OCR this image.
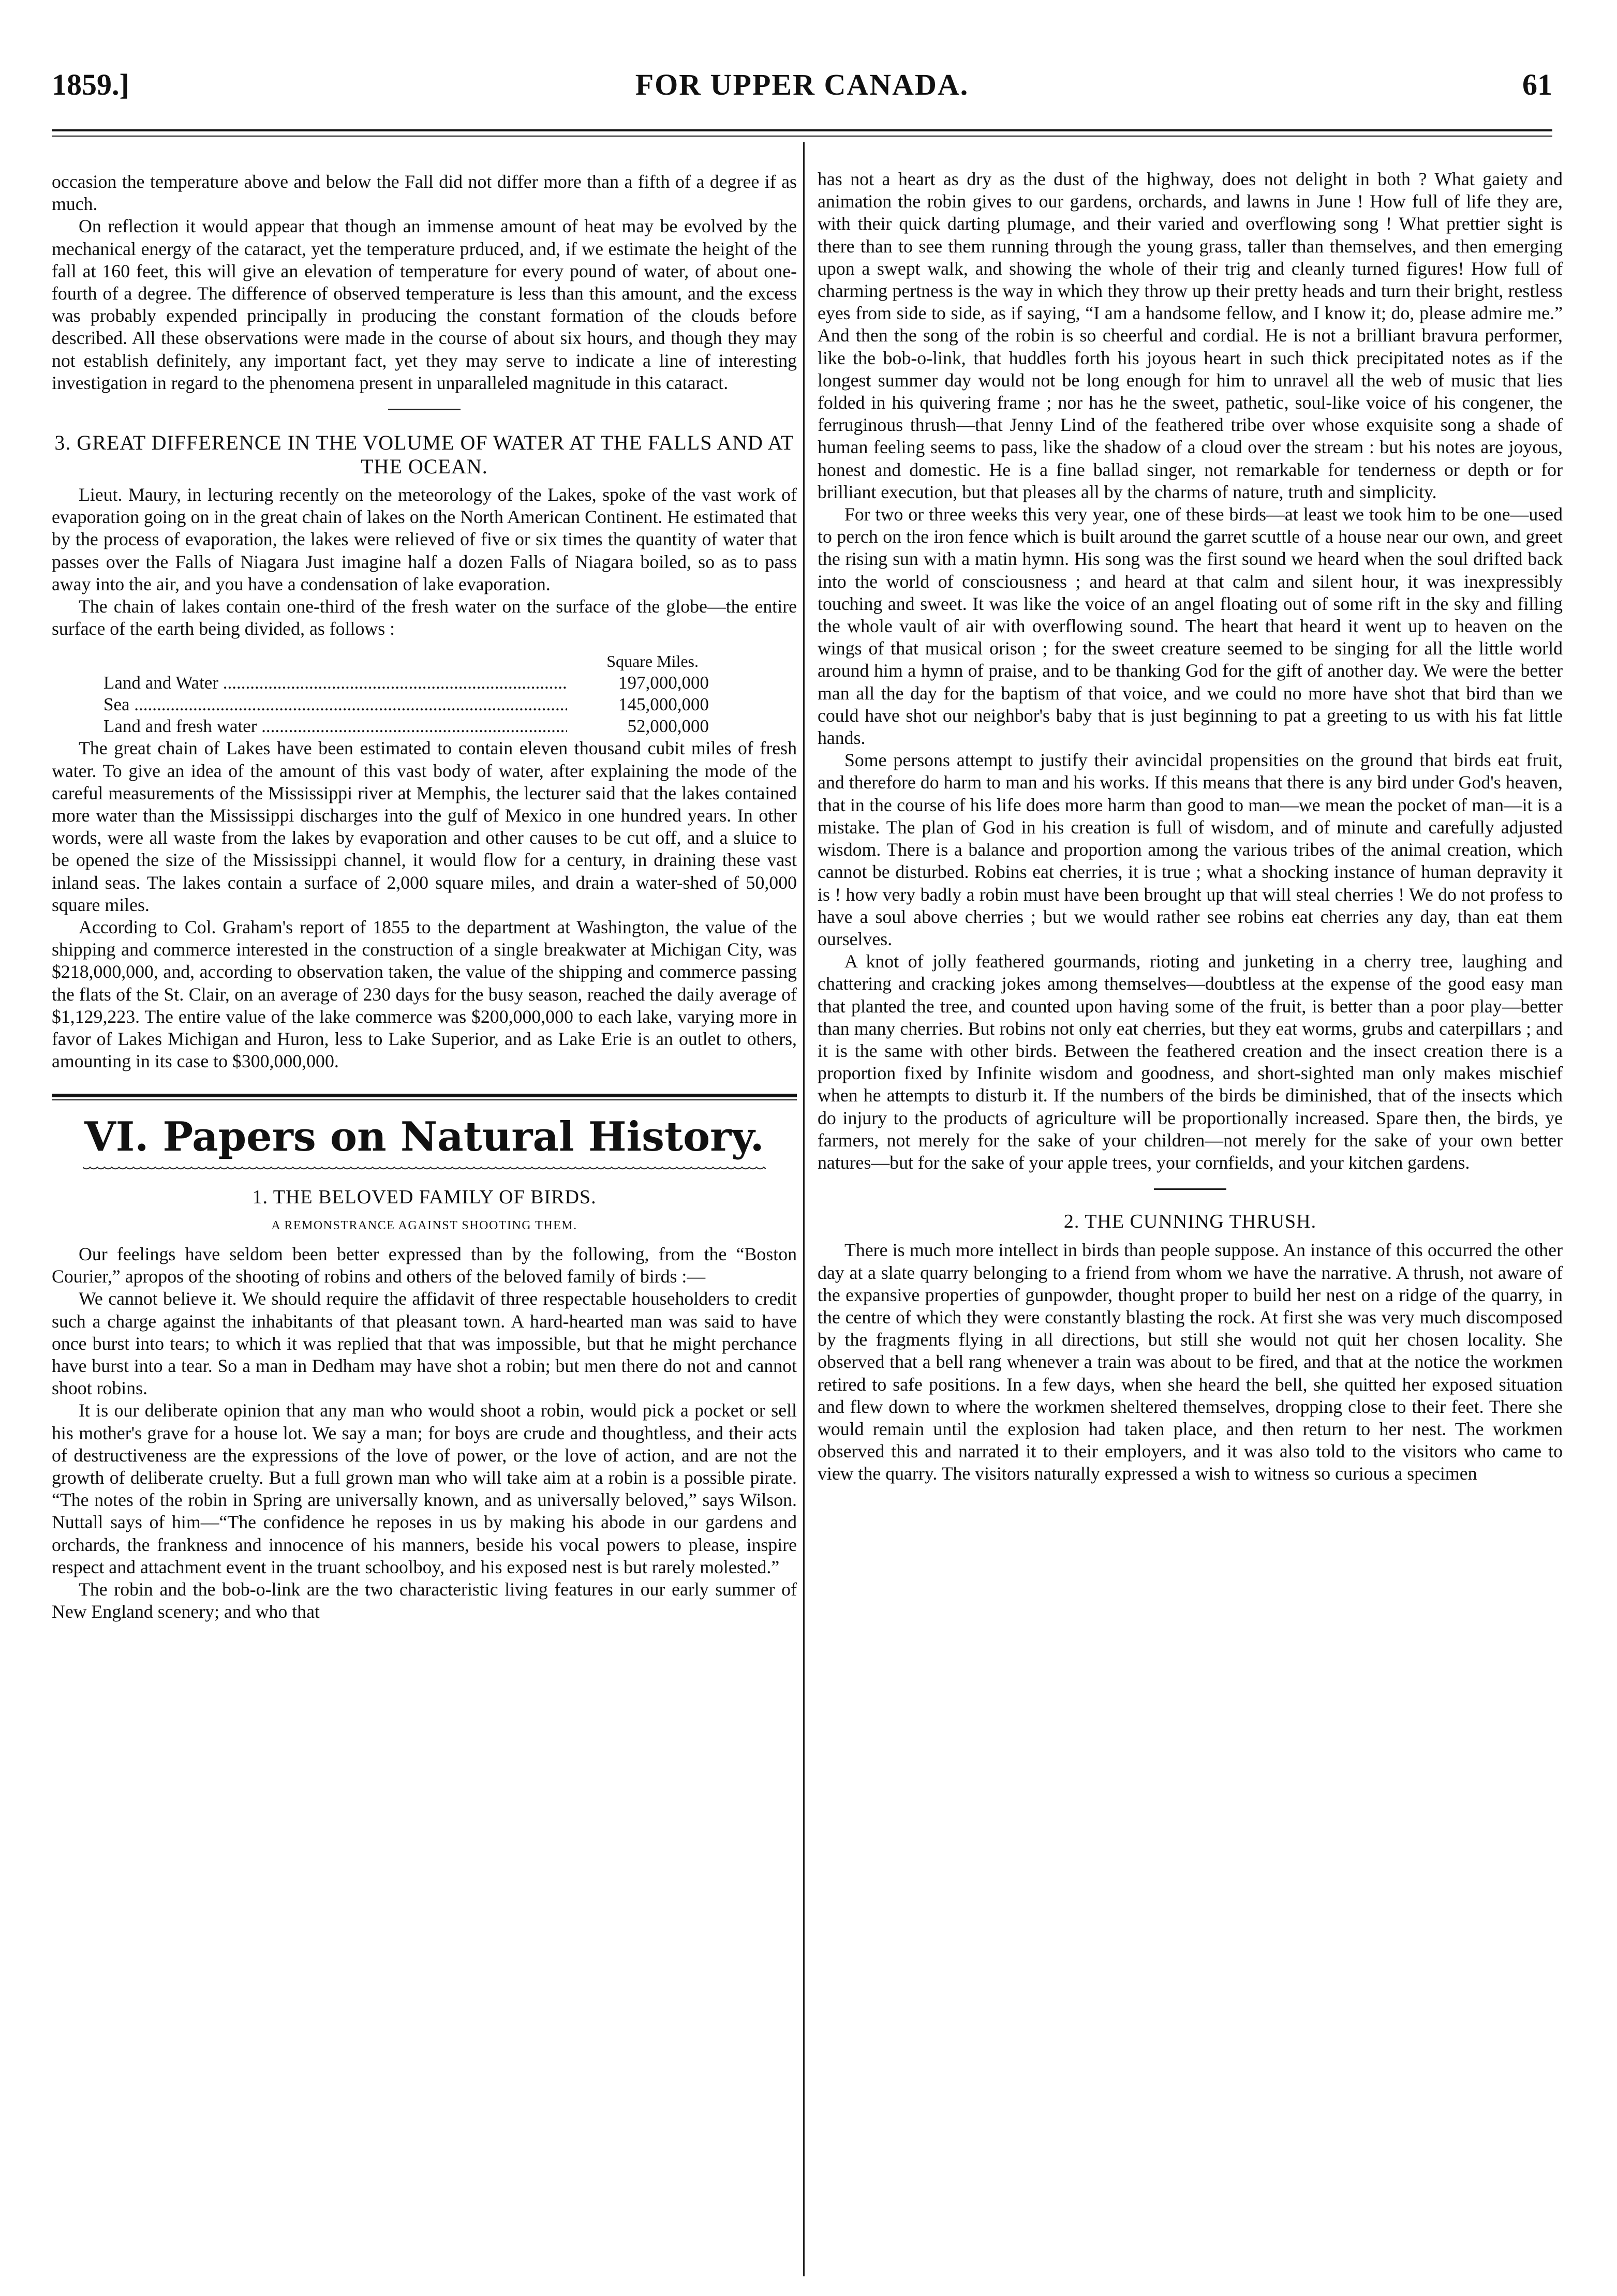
1859.]	FOR UPPER CANADA.	61

occasion the temperature above and below the Fall did not differ more than a fifth of a degree if as much.

On reflection it would appear that though an immense amount of heat may be evolved by the mechanical energy of the cataract, yet the temperature prduced, and, if we estimate the height of the fall at 160 feet, this will give an elevation of temperature for every pound of water, of about one-fourth of a degree. The difference of observed temperature is less than this amount, and the excess was probably expended principally in producing the constant formation of the clouds before described. All these observations were made in the course of about six hours, and though they may not establish definitely, any important fact, yet they may serve to indicate a line of interesting investigation in regard to the phenomena present in unparalleled magnitude in this cataract.

3. GREAT DIFFERENCE IN THE VOLUME OF WATER AT THE FALLS AND AT THE OCEAN.

Lieut. Maury, in lecturing recently on the meteorology of the Lakes, spoke of the vast work of evaporation going on in the great chain of lakes on the North American Continent. He estimated that by the process of evaporation, the lakes were relieved of five or six times the quantity of water that passes over the Falls of Niagara Just imagine half a dozen Falls of Niagara boiled, so as to pass away into the air, and you have a condensation of lake evaporation.

The chain of lakes contain one-third of the fresh water on the surface of the globe—the entire surface of the earth being divided, as follows :

Square Miles.
Land and Water .....	197,000,000
Sea .....	145,000,000
Land and fresh water .....	52,000,000

The great chain of Lakes have been estimated to contain eleven thousand cubit miles of fresh water. To give an idea of the amount of this vast body of water, after explaining the mode of the careful measurements of the Mississippi river at Memphis, the lecturer said that the lakes contained more water than the Mississippi discharges into the gulf of Mexico in one hundred years. In other words, were all waste from the lakes by evaporation and other causes to be cut off, and a sluice to be opened the size of the Mississippi channel, it would flow for a century, in draining these vast inland seas. The lakes contain a surface of 2,000 square miles, and drain a water-shed of 50,000 square miles.

According to Col. Graham's report of 1855 to the department at Washington, the value of the shipping and commerce interested in the construction of a single breakwater at Michigan City, was $218,000,000, and, according to observation taken, the value of the shipping and commerce passing the flats of the St. Clair, on an average of 230 days for the busy season, reached the daily average of $1,129,223. The entire value of the lake commerce was $200,000,000 to each lake, varying more in favor of Lakes Michigan and Huron, less to Lake Superior, and as Lake Erie is an outlet to others, amounting in its case to $300,000,000.

VI. Papers on Natural History.
1. THE BELOVED FAMILY OF BIRDS.
A REMONSTRANCE AGAINST SHOOTING THEM.

Our feelings have seldom been better expressed than by the following, from the “Boston Courier,” apropos of the shooting of robins and others of the beloved family of birds :—

We cannot believe it. We should require the affidavit of three respectable householders to credit such a charge against the inhabitants of that pleasant town. A hard-hearted man was said to have once burst into tears; to which it was replied that that was impossible, but that he might perchance have burst into a tear. So a man in Dedham may have shot a robin; but men there do not and cannot shoot robins.

It is our deliberate opinion that any man who would shoot a robin, would pick a pocket or sell his mother's grave for a house lot. We say a man; for boys are crude and thoughtless, and their acts of destructiveness are the expressions of the love of power, or the love of action, and are not the growth of deliberate cruelty. But a full grown man who will take aim at a robin is a possible pirate. “The notes of the robin in Spring are universally known, and as universally beloved,” says Wilson. Nuttall says of him—“The confidence he reposes in us by making his abode in our gardens and orchards, the frankness and innocence of his manners, beside his vocal powers to please, inspire respect and attachment event in the truant schoolboy, and his exposed nest is but rarely molested.”

The robin and the bob-o-link are the two characteristic living features in our early summer of New England scenery; and who that

has not a heart as dry as the dust of the highway, does not delight in both ? What gaiety and animation the robin gives to our gardens, orchards, and lawns in June ! How full of life they are, with their quick darting plumage, and their varied and overflowing song ! What prettier sight is there than to see them running through the young grass, taller than themselves, and then emerging upon a swept walk, and showing the whole of their trig and cleanly turned figures! How full of charming pertness is the way in which they throw up their pretty heads and turn their bright, restless eyes from side to side, as if saying, “I am a handsome fellow, and I know it; do, please admire me.” And then the song of the robin is so cheerful and cordial. He is not a brilliant bravura performer, like the bob-o-link, that huddles forth his joyous heart in such thick precipitated notes as if the longest summer day would not be long enough for him to unravel all the web of music that lies folded in his quivering frame ; nor has he the sweet, pathetic, soul-like voice of his congener, the ferruginous thrush—that Jenny Lind of the feathered tribe over whose exquisite song a shade of human feeling seems to pass, like the shadow of a cloud over the stream : but his notes are joyous, honest and domestic. He is a fine ballad singer, not remarkable for tenderness or depth or for brilliant execution, but that pleases all by the charms of nature, truth and simplicity.

For two or three weeks this very year, one of these birds—at least we took him to be one—used to perch on the iron fence which is built around the garret scuttle of a house near our own, and greet the rising sun with a matin hymn. His song was the first sound we heard when the soul drifted back into the world of consciousness ; and heard at that calm and silent hour, it was inexpressibly touching and sweet. It was like the voice of an angel floating out of some rift in the sky and filling the whole vault of air with overflowing sound. The heart that heard it went up to heaven on the wings of that musical orison ; for the sweet creature seemed to be singing for all the little world around him a hymn of praise, and to be thanking God for the gift of another day. We were the better man all the day for the baptism of that voice, and we could no more have shot that bird than we could have shot our neighbor's baby that is just beginning to pat a greeting to us with his fat little hands.

Some persons attempt to justify their avincidal propensities on the ground that birds eat fruit, and therefore do harm to man and his works. If this means that there is any bird under God's heaven, that in the course of his life does more harm than good to man—we mean the pocket of man—it is a mistake. The plan of God in his creation is full of wisdom, and of minute and carefully adjusted wisdom. There is a balance and proportion among the various tribes of the animal creation, which cannot be disturbed. Robins eat cherries, it is true ; what a shocking instance of human depravity it is ! how very badly a robin must have been brought up that will steal cherries ! We do not profess to have a soul above cherries ; but we would rather see robins eat cherries any day, than eat them ourselves.

A knot of jolly feathered gourmands, rioting and junketing in a cherry tree, laughing and chattering and cracking jokes among themselves—doubtless at the expense of the good easy man that planted the tree, and counted upon having some of the fruit, is better than a poor play—better than many cherries. But robins not only eat cherries, but they eat worms, grubs and caterpillars ; and it is the same with other birds. Between the feathered creation and the insect creation there is a proportion fixed by Infinite wisdom and goodness, and short-sighted man only makes mischief when he attempts to disturb it. If the numbers of the birds be diminished, that of the insects which do injury to the products of agriculture will be proportionally increased. Spare then, the birds, ye farmers, not merely for the sake of your children—not merely for the sake of your own better natures—but for the sake of your apple trees, your cornfields, and your kitchen gardens.

2. THE CUNNING THRUSH.

There is much more intellect in birds than people suppose. An instance of this occurred the other day at a slate quarry belonging to a friend from whom we have the narrative. A thrush, not aware of the expansive properties of gunpowder, thought proper to build her nest on a ridge of the quarry, in the centre of which they were constantly blasting the rock. At first she was very much discomposed by the fragments flying in all directions, but still she would not quit her chosen locality. She observed that a bell rang whenever a train was about to be fired, and that at the notice the workmen retired to safe positions. In a few days, when she heard the bell, she quitted her exposed situation and flew down to where the workmen sheltered themselves, dropping close to their feet. There she would remain until the explosion had taken place, and then return to her nest. The workmen observed this and narrated it to their employers, and it was also told to the visitors who came to view the quarry. The visitors naturally expressed a wish to witness so curious a specimen
